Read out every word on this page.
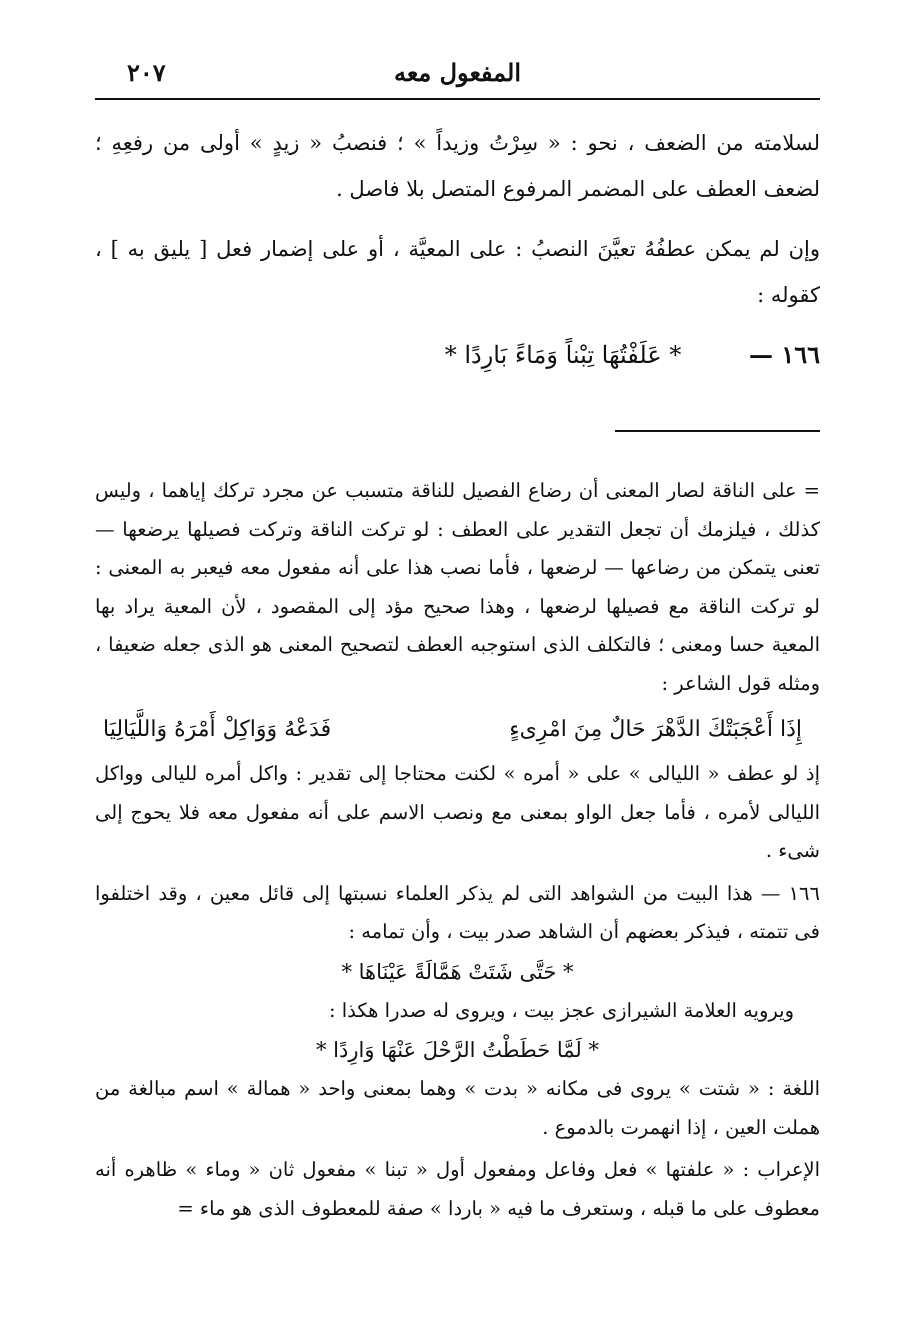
المفعول معه
٢٠٧

لسلامته من الضعف ، نحو : « سِرْتُ وزيداً » ؛ فنصبُ « زيدٍ » أولى من رفعِهِ ؛ لضعف العطف على المضمر المرفوع المتصل بلا فاصل .

وإن لم يمكن عطفُهُ تعيَّنَ النصبُ : على المعيَّة ، أو على إضمار فعل [ يليق به ] ، كقوله :

١٦٦ — * عَلَفْتُهَا تِبْناً وَمَاءً بَارِدًا *

= على الناقة لصار المعنى أن رضاع الفصيل للناقة متسبب عن مجرد تركك إياهما ، وليس كذلك ، فيلزمك أن تجعل التقدير على العطف : لو تركت الناقة وتركت فصيلها يرضعها — تعنى يتمكن من رضاعها — لرضعها ، فأما نصب هذا على أنه مفعول معه فيعبر به المعنى : لو تركت الناقة مع فصيلها لرضعها ، وهذا صحيح مؤد إلى المقصود ، لأن المعية يراد بها المعية حسا ومعنى ؛ فالتكلف الذى استوجبه العطف لتصحيح المعنى هو الذى جعله ضعيفا ، ومثله قول الشاعر :

إِذَا أَعْجَبَتْكَ الدَّهْرَ حَالٌ مِنَ امْرِىءٍ
فَدَعْهُ وَوَاكِلْ أَمْرَهُ وَاللَّيَالِيَا

إذ لو عطف « الليالى » على « أمره » لكنت محتاجا إلى تقدير : واكل أمره لليالى وواكل الليالى لأمره ، فأما جعل الواو بمعنى مع ونصب الاسم على أنه مفعول معه فلا يحوج إلى شىء .

١٦٦ — هذا البيت من الشواهد التى لم يذكر العلماء نسبتها إلى قائل معين ، وقد اختلفوا فى تتمته ، فيذكر بعضهم أن الشاهد صدر بيت ، وأن تمامه :

* حَتَّى شَتَتْ هَمَّالَةً عَيْنَاهَا *

ويرويه العلامة الشيرازى عجز بيت ، ويروى له صدرا هكذا :

* لَمَّا حَطَطْتُ الرَّحْلَ عَنْهَا وَارِدًا *

اللغة : « شتت » يروى فى مكانه « بدت » وهما بمعنى واحد « همالة » اسم مبالغة من هملت العين ، إذا انهمرت بالدموع .

الإعراب : « علفتها » فعل وفاعل ومفعول أول « تبنا » مفعول ثان « وماء » ظاهره أنه معطوف على ما قبله ، وستعرف ما فيه « باردا » صفة للمعطوف الذى هو ماء =
